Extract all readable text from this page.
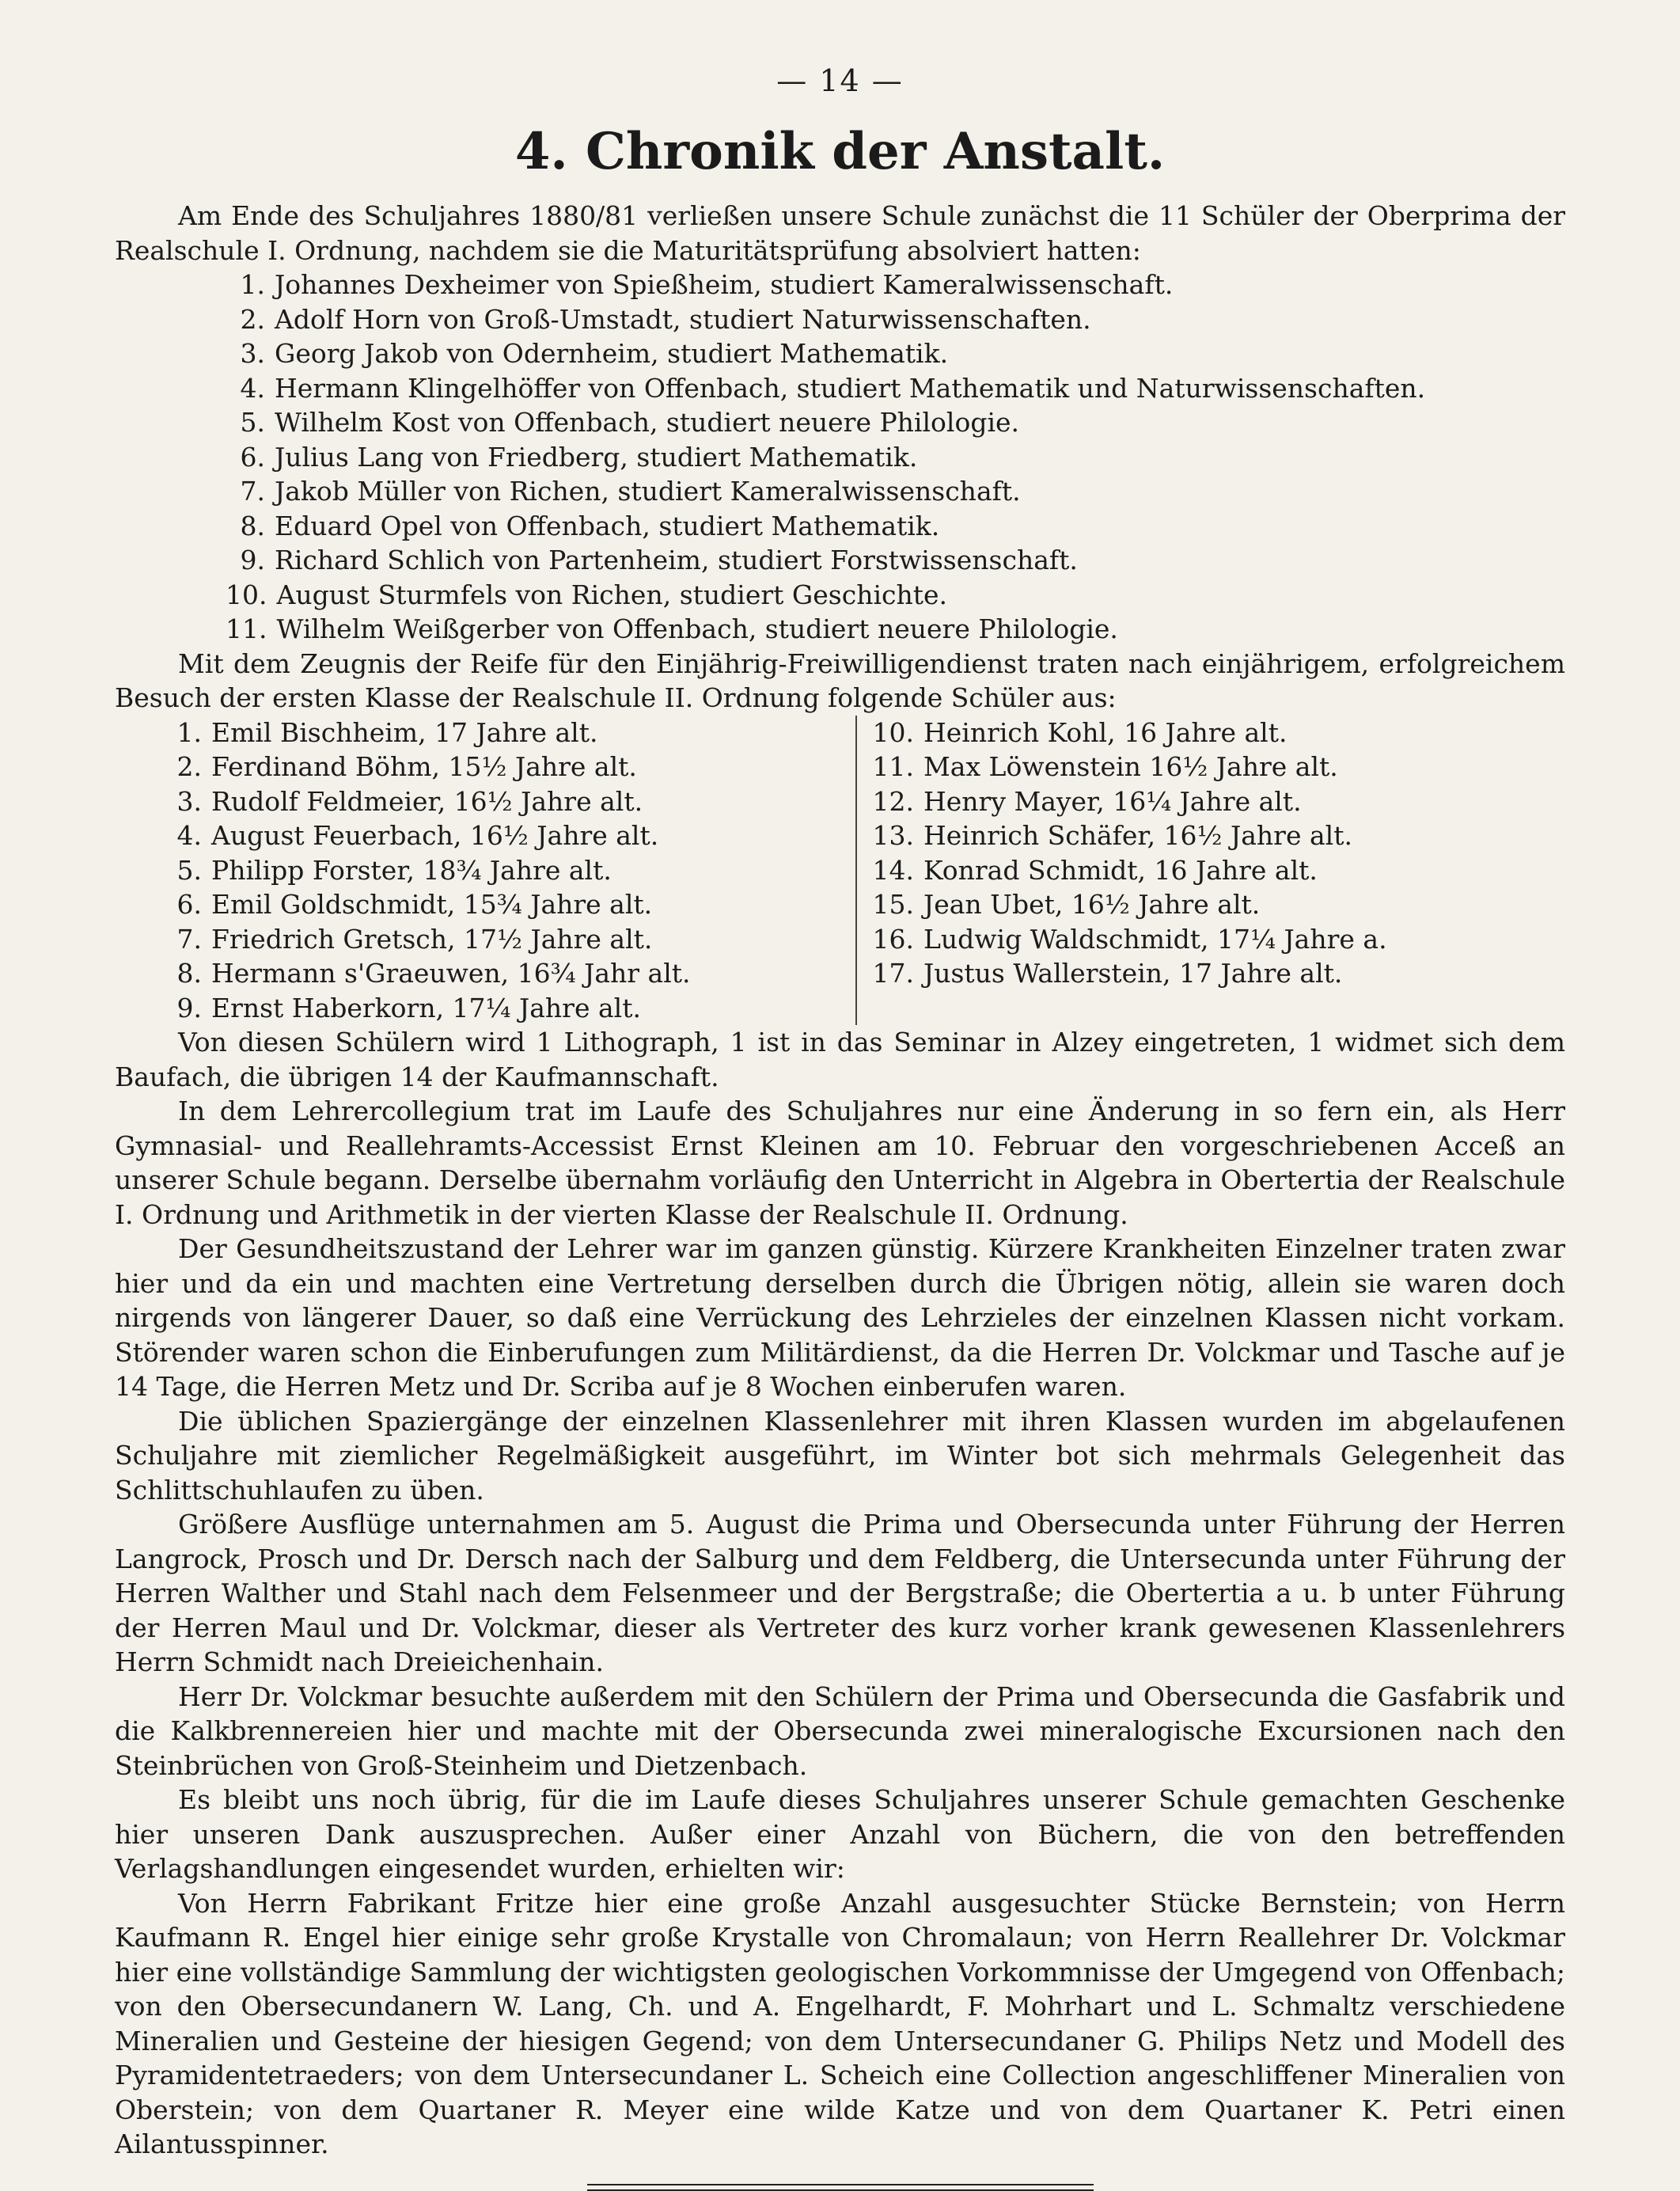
— 14 —
4. Chronik der Anstalt.

Am Ende des Schuljahres 1880/81 verließen unsere Schule zunächst die 11 Schüler der Oberprima der Realschule I. Ordnung, nachdem sie die Maturitätsprüfung absolviert hatten:

1. Johannes Dexheimer von Spießheim, studiert Kameralwissenschaft.
2. Adolf Horn von Groß-Umstadt, studiert Naturwissenschaften.
3. Georg Jakob von Odernheim, studiert Mathematik.
4. Hermann Klingelhöffer von Offenbach, studiert Mathematik und Naturwissenschaften.
5. Wilhelm Kost von Offenbach, studiert neuere Philologie.
6. Julius Lang von Friedberg, studiert Mathematik.
7. Jakob Müller von Richen, studiert Kameralwissenschaft.
8. Eduard Opel von Offenbach, studiert Mathematik.
9. Richard Schlich von Partenheim, studiert Forstwissenschaft.
10. August Sturmfels von Richen, studiert Geschichte.
11. Wilhelm Weißgerber von Offenbach, studiert neuere Philologie.

Mit dem Zeugnis der Reife für den Einjährig-Freiwilligendienst traten nach einjährigem, erfolgreichem Besuch der ersten Klasse der Realschule II. Ordnung folgende Schüler aus:

1. Emil Bischheim, 17 Jahre alt.
2. Ferdinand Böhm, 15½ Jahre alt.
3. Rudolf Feldmeier, 16½ Jahre alt.
4. August Feuerbach, 16½ Jahre alt.
5. Philipp Forster, 18¾ Jahre alt.
6. Emil Goldschmidt, 15¾ Jahre alt.
7. Friedrich Gretsch, 17½ Jahre alt.
8. Hermann s'Graeuwen, 16¾ Jahr alt.
9. Ernst Haberkorn, 17¼ Jahre alt.
10. Heinrich Kohl, 16 Jahre alt.
11. Max Löwenstein 16½ Jahre alt.
12. Henry Mayer, 16¼ Jahre alt.
13. Heinrich Schäfer, 16½ Jahre alt.
14. Konrad Schmidt, 16 Jahre alt.
15. Jean Ubet, 16½ Jahre alt.
16. Ludwig Waldschmidt, 17¼ Jahre a.
17. Justus Wallerstein, 17 Jahre alt.

Von diesen Schülern wird 1 Lithograph, 1 ist in das Seminar in Alzey eingetreten, 1 widmet sich dem Baufach, die übrigen 14 der Kaufmannschaft.

In dem Lehrercollegium trat im Laufe des Schuljahres nur eine Änderung in so fern ein, als Herr Gymnasial- und Reallehramts-Accessist Ernst Kleinen am 10. Februar den vorgeschriebenen Acceß an unserer Schule begann. Derselbe übernahm vorläufig den Unterricht in Algebra in Obertertia der Realschule I. Ordnung und Arithmetik in der vierten Klasse der Realschule II. Ordnung.

Der Gesundheitszustand der Lehrer war im ganzen günstig. Kürzere Krankheiten Einzelner traten zwar hier und da ein und machten eine Vertretung derselben durch die Übrigen nötig, allein sie waren doch nirgends von längerer Dauer, so daß eine Verrückung des Lehrzieles der einzelnen Klassen nicht vorkam. Störender waren schon die Einberufungen zum Militärdienst, da die Herren Dr. Volckmar und Tasche auf je 14 Tage, die Herren Metz und Dr. Scriba auf je 8 Wochen einberufen waren.

Die üblichen Spaziergänge der einzelnen Klassenlehrer mit ihren Klassen wurden im abgelaufenen Schuljahre mit ziemlicher Regelmäßigkeit ausgeführt, im Winter bot sich mehrmals Gelegenheit das Schlittschuhlaufen zu üben.

Größere Ausflüge unternahmen am 5. August die Prima und Obersecunda unter Führung der Herren Langrock, Prosch und Dr. Dersch nach der Salburg und dem Feldberg, die Untersecunda unter Führung der Herren Walther und Stahl nach dem Felsenmeer und der Bergstraße; die Obertertia a u. b unter Führung der Herren Maul und Dr. Volckmar, dieser als Vertreter des kurz vorher krank gewesenen Klassenlehrers Herrn Schmidt nach Dreieichenhain.

Herr Dr. Volckmar besuchte außerdem mit den Schülern der Prima und Obersecunda die Gasfabrik und die Kalkbrennereien hier und machte mit der Obersecunda zwei mineralogische Excursionen nach den Steinbrüchen von Groß-Steinheim und Dietzenbach.

Es bleibt uns noch übrig, für die im Laufe dieses Schuljahres unserer Schule gemachten Geschenke hier unseren Dank auszusprechen. Außer einer Anzahl von Büchern, die von den betreffenden Verlagshandlungen eingesendet wurden, erhielten wir:

Von Herrn Fabrikant Fritze hier eine große Anzahl ausgesuchter Stücke Bernstein; von Herrn Kaufmann R. Engel hier einige sehr große Krystalle von Chromalaun; von Herrn Reallehrer Dr. Volckmar hier eine vollständige Sammlung der wichtigsten geologischen Vorkommnisse der Umgegend von Offenbach; von den Obersecundanern W. Lang, Ch. und A. Engelhardt, F. Mohrhart und L. Schmaltz verschiedene Mineralien und Gesteine der hiesigen Gegend; von dem Untersecundaner G. Philips Netz und Modell des Pyramidentetraeders; von dem Untersecundaner L. Scheich eine Collection angeschliffener Mineralien von Oberstein; von dem Quartaner R. Meyer eine wilde Katze und von dem Quartaner K. Petri einen Ailantusspinner.
